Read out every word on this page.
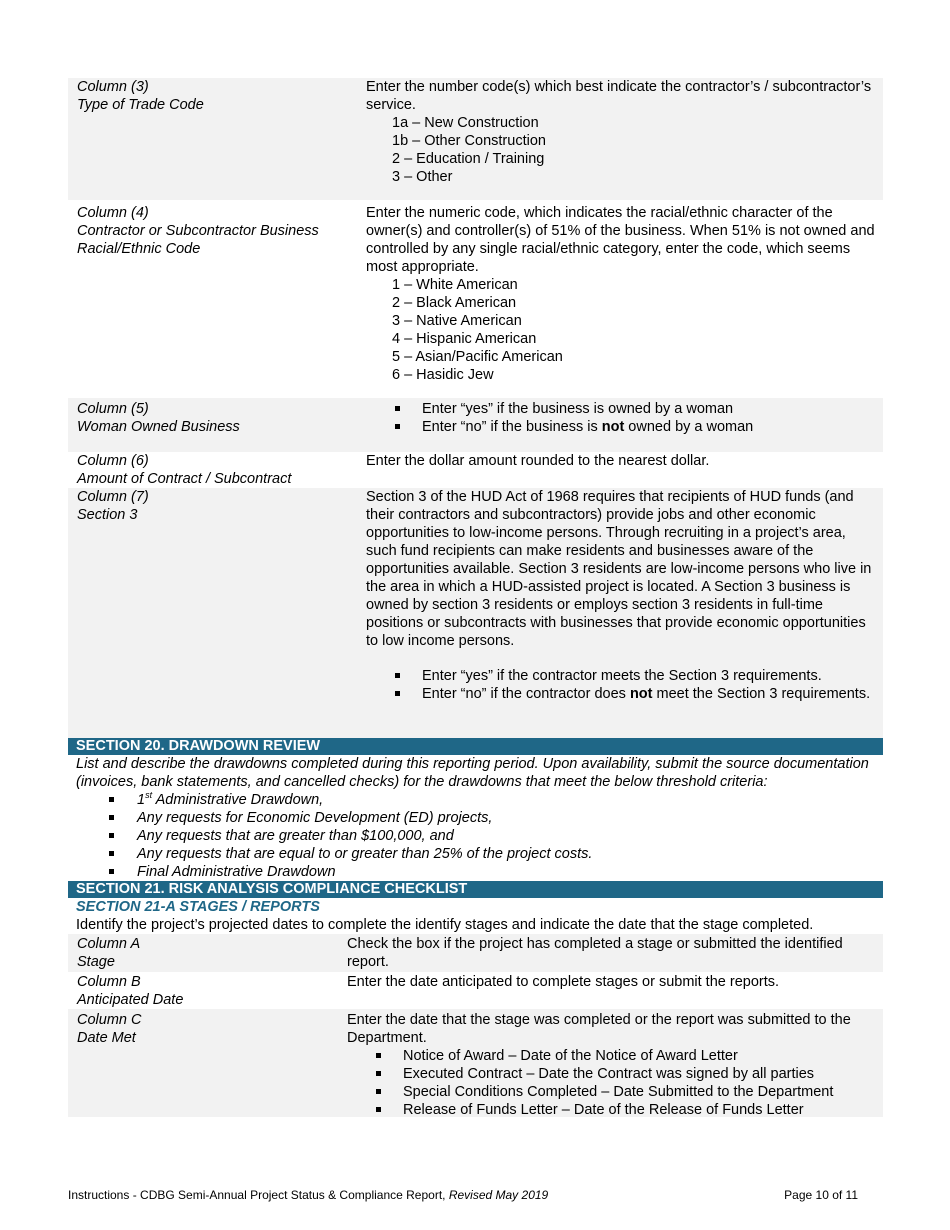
Column (3)
Type of Trade Code
Enter the number code(s) which best indicate the contractor’s / subcontractor’s service.
1a – New Construction
1b – Other Construction
2 – Education / Training
3 – Other
Column (4)
Contractor or Subcontractor Business
Racial/Ethnic Code
Enter the numeric code, which indicates the racial/ethnic character of the owner(s) and controller(s) of 51% of the business. When 51% is not owned and controlled by any single racial/ethnic category, enter the code, which seems most appropriate.
1 – White American
2 – Black American
3 – Native American
4 – Hispanic American
5 – Asian/Pacific American
6 – Hasidic Jew
Column (5)
Woman Owned Business
Enter “yes” if the business is owned by a woman
Enter “no” if the business is not owned by a woman
Column (6)
Amount of Contract / Subcontract
Enter the dollar amount rounded to the nearest dollar.
Column (7)
Section 3
Section 3 of the HUD Act of 1968 requires that recipients of HUD funds (and their contractors and subcontractors) provide jobs and other economic opportunities to low-income persons. Through recruiting in a project’s area, such fund recipients can make residents and businesses aware of the opportunities available. Section 3 residents are low-income persons who live in the area in which a HUD-assisted project is located. A Section 3 business is owned by section 3 residents or employs section 3 residents in full-time positions or subcontracts with businesses that provide economic opportunities to low income persons.
Enter “yes” if the contractor meets the Section 3 requirements.
Enter “no” if the contractor does not meet the Section 3 requirements.
SECTION 20. DRAWDOWN REVIEW
List and describe the drawdowns completed during this reporting period. Upon availability, submit the source documentation (invoices, bank statements, and cancelled checks) for the drawdowns that meet the below threshold criteria:
1st Administrative Drawdown,
Any requests for Economic Development (ED) projects,
Any requests that are greater than $100,000, and
Any requests that are equal to or greater than 25% of the project costs.
Final Administrative Drawdown
SECTION 21. RISK ANALYSIS COMPLIANCE CHECKLIST
SECTION 21-A STAGES / REPORTS
Identify the project’s projected dates to complete the identify stages and indicate the date that the stage completed.
Column A
Stage
Check the box if the project has completed a stage or submitted the identified report.
Column B
Anticipated Date
Enter the date anticipated to complete stages or submit the reports.
Column C
Date Met
Enter the date that the stage was completed or the report was submitted to the Department.
Notice of Award – Date of the Notice of Award Letter
Executed Contract – Date the Contract was signed by all parties
Special Conditions Completed – Date Submitted to the Department
Release of Funds Letter – Date of the Release of Funds Letter
Instructions - CDBG Semi-Annual Project Status & Compliance Report, Revised May 2019	Page 10 of 11
